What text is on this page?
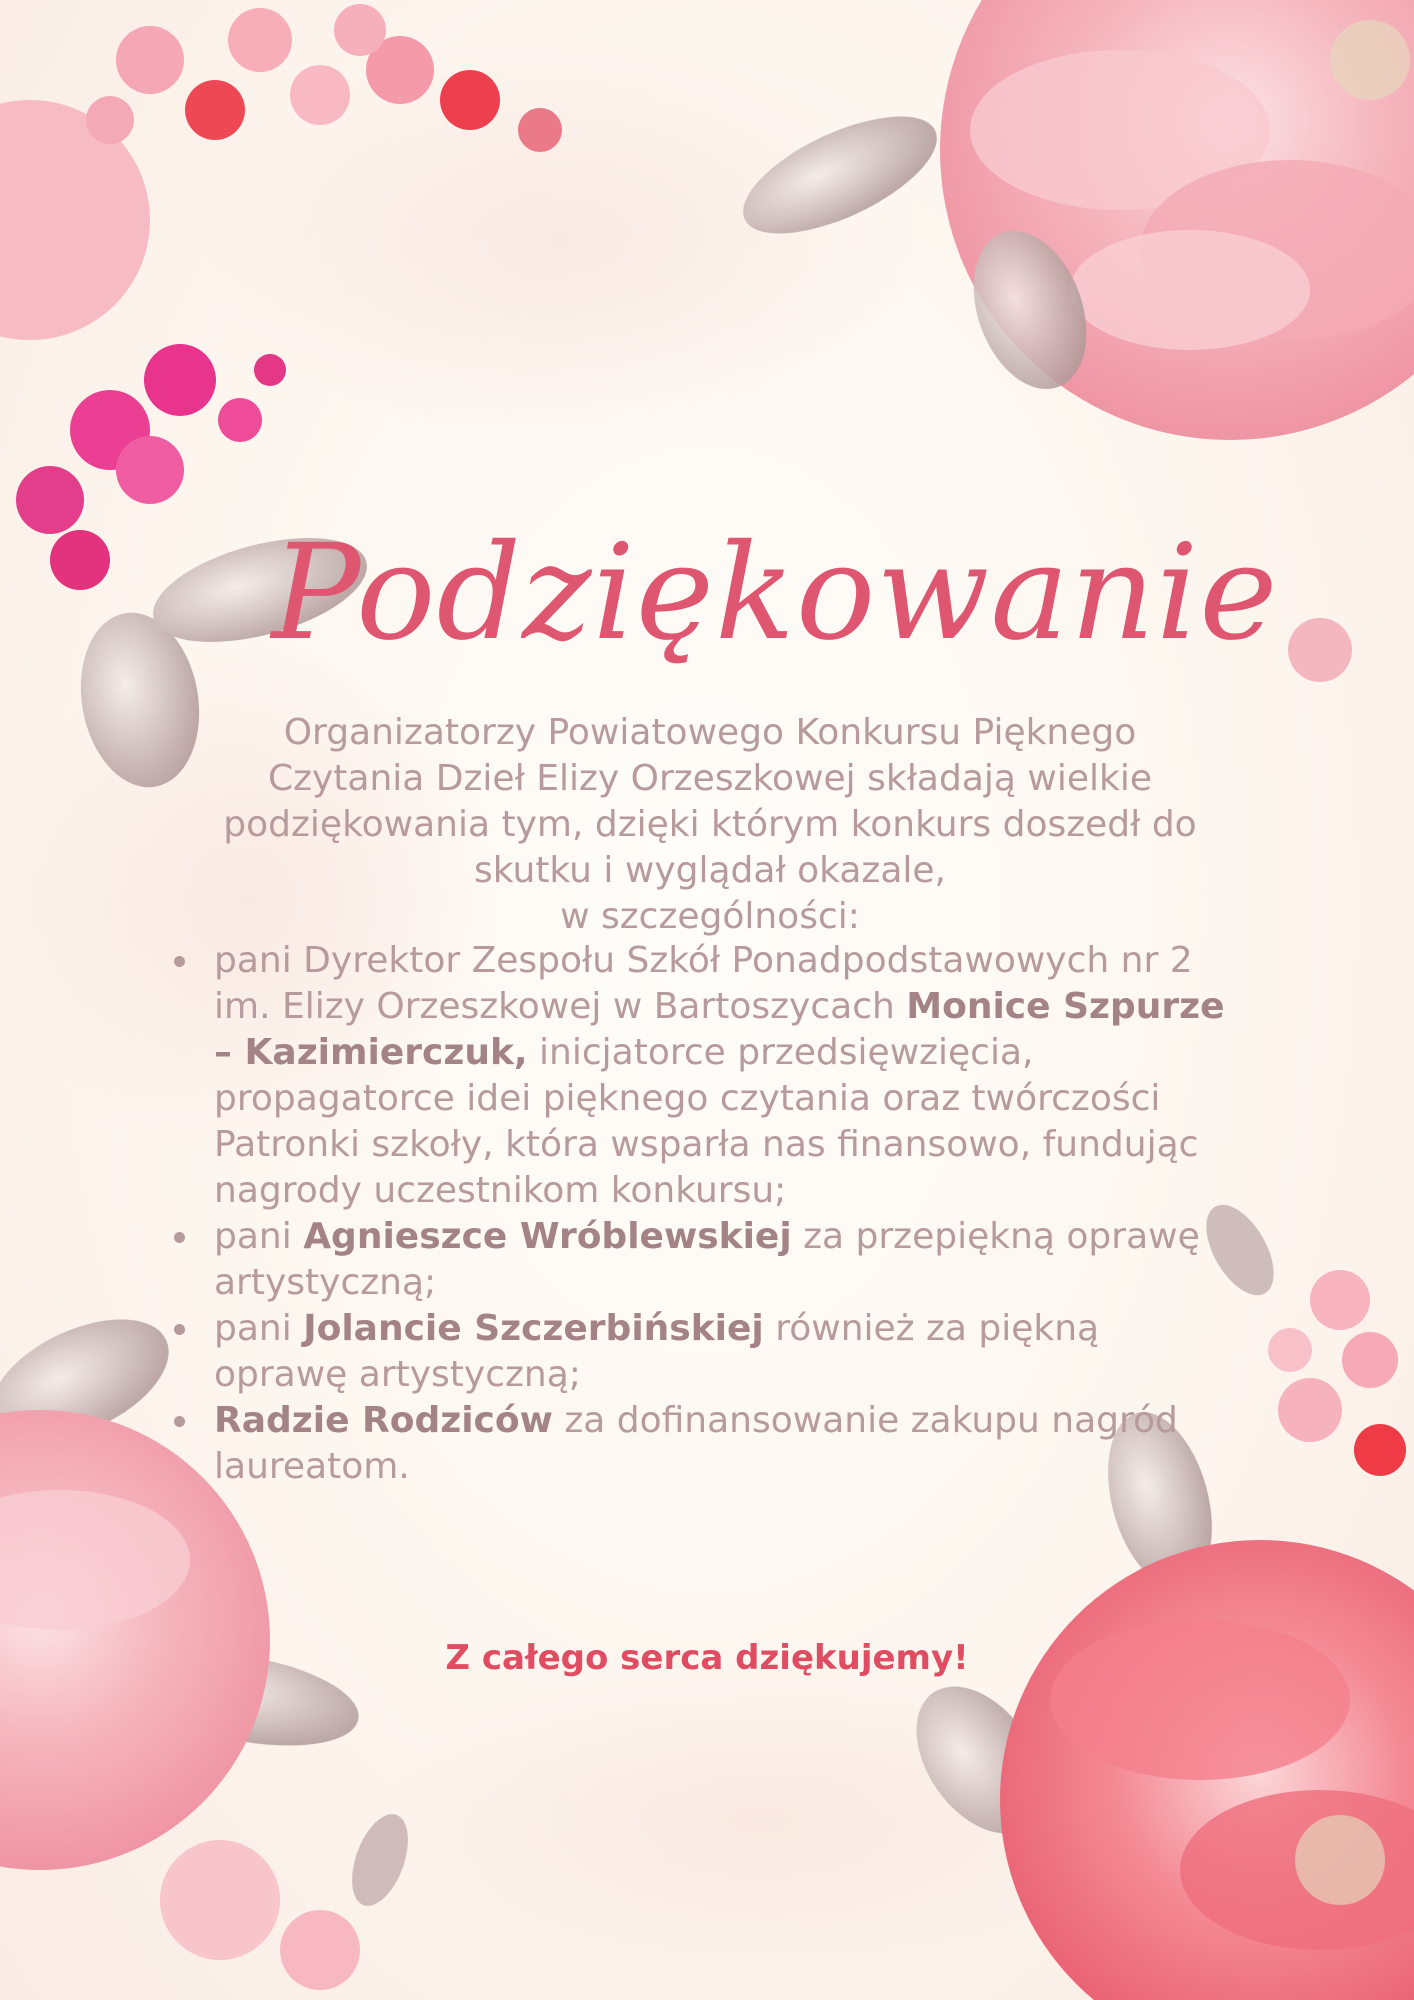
Podziękowanie

Organizatorzy Powiatowego Konkursu Pięknego

Czytania Dzieł Elizy Orzeszkowej składają wielkie

podziękowania tym, dzięki którym konkurs doszedł do

skutku i wyglądał okazale,

w szczególności:

pani Dyrektor Zespołu Szkół Ponadpodstawowych nr 2 im. Elizy Orzeszkowej w Bartoszycach Monice Szpurze – Kazimierczuk, inicjatorce przedsięwzięcia, propagatorce idei pięknego czytania oraz twórczości Patronki szkoły, która wsparła nas finansowo, fundując nagrody uczestnikom konkursu;
pani Agnieszce Wróblewskiej za przepiękną oprawę artystyczną;
pani Jolancie Szczerbińskiej również za piękną oprawę artystyczną;
Radzie Rodziców za dofinansowanie zakupu nagród laureatom.
Z całego serca dziękujemy!
